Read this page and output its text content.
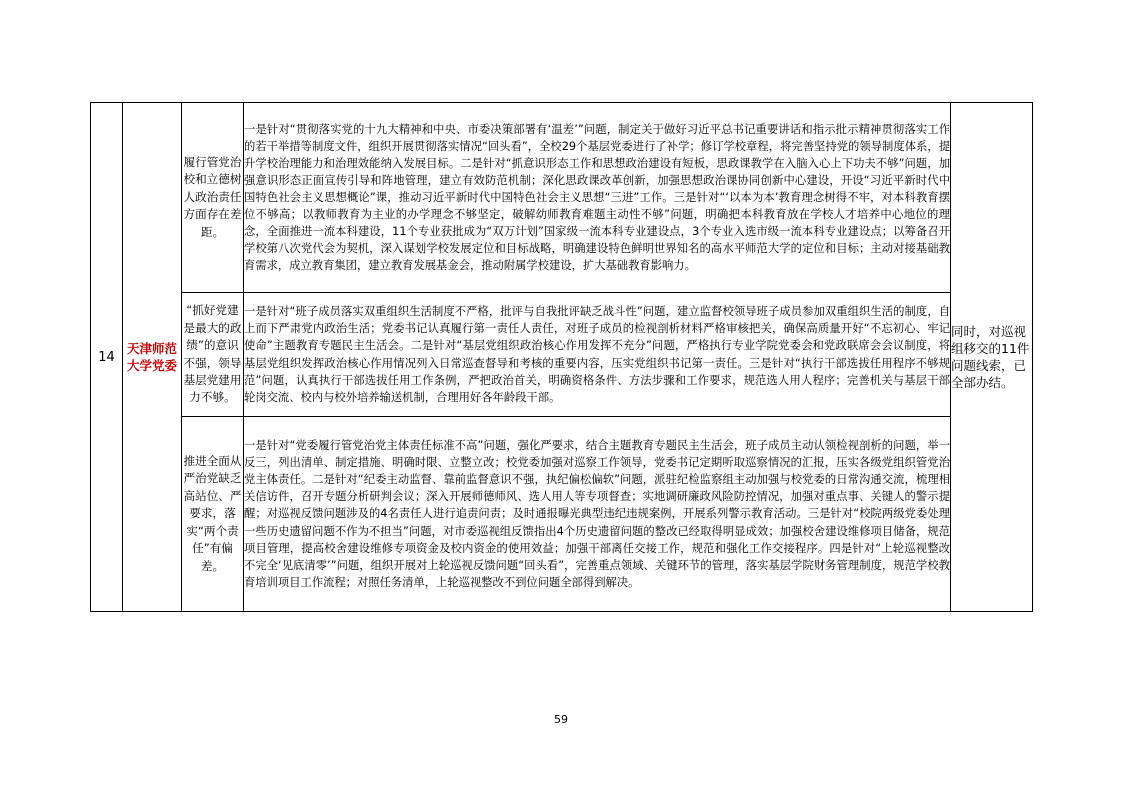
14	天津师范大学党委	履行管党治校和立德树人政治责任方面存在差距。	一是针对“贯彻落实党的十九大精神和中央、市委决策部署有‘温差’”问题，制定关于做好习近平总书记重要讲话和指示批示精神贯彻落实工作的若干举措等制度文件，组织开展贯彻落实情况“回头看”，全校29个基层党委进行了补学；修订学校章程，将完善坚持党的领导制度体系，提升学校治理能力和治理效能纳入发展目标。二是针对“抓意识形态工作和思想政治建设有短板，思政课教学在入脑入心上下功夫不够”问题，加强意识形态正面宣传引导和阵地管理，建立有效防范机制；深化思政课改革创新，加强思想政治课协同创新中心建设，开设“习近平新时代中国特色社会主义思想概论”课，推动习近平新时代中国特色社会主义思想“三进”工作。三是针对“‘以本为本’教育理念树得不牢，对本科教育摆位不够高；以教师教育为主业的办学理念不够坚定，破解幼师教育难题主动性不够”问题，明确把本科教育放在学校人才培养中心地位的理念，全面推进一流本科建设，11个专业获批成为“双万计划”国家级一流本科专业建设点，3个专业入选市级一流本科专业建设点；以筹备召开学校第八次党代会为契机，深入谋划学校发展定位和目标战略，明确建设特色鲜明世界知名的高水平师范大学的定位和目标；主动对接基础教育需求，成立教育集团，建立教育发展基金会，推动附属学校建设，扩大基础教育影响力。	同时，对巡视组移交的11件问题线索，已全部办结。
		“抓好党建是最大的政绩”的意识不强，领导基层党建用力不够。	一是针对“班子成员落实双重组织生活制度不严格，批评与自我批评缺乏战斗性”问题，建立监督校领导班子成员参加双重组织生活的制度，自上而下严肃党内政治生活；党委书记认真履行第一责任人责任，对班子成员的检视剖析材料严格审核把关，确保高质量开好“不忘初心、牢记使命”主题教育专题民主生活会。二是针对“基层党组织政治核心作用发挥不充分”问题，严格执行专业学院党委会和党政联席会会议制度，将基层党组织发挥政治核心作用情况列入日常巡查督导和考核的重要内容，压实党组织书记第一责任。三是针对“执行干部选拔任用程序不够规范”问题，认真执行干部选拔任用工作条例，严把政治首关，明确资格条件、方法步骤和工作要求，规范选人用人程序；完善机关与基层干部轮岗交流、校内与校外培养输送机制，合理用好各年龄段干部。	
		推进全面从严治党缺乏高站位、严要求，落实“两个责任”有偏差。	一是针对“党委履行管党治党主体责任标准不高”问题，强化严要求，结合主题教育专题民主生活会，班子成员主动认领检视剖析的问题，举一反三，列出清单、制定措施、明确时限、立整立改；校党委加强对巡察工作领导，党委书记定期听取巡察情况的汇报，压实各级党组织管党治党主体责任。二是针对“纪委主动监督、靠前监督意识不强，执纪偏松偏软”问题，派驻纪检监察组主动加强与校党委的日常沟通交流，梳理相关信访件，召开专题分析研判会议；深入开展师德师风、选人用人等专项督查；实地调研廉政风险防控情况，加强对重点事、关键人的警示提醒；对巡视反馈问题涉及的4名责任人进行追责问责；及时通报曝光典型违纪违规案例，开展系列警示教育活动。三是针对“校院两级党委处理一些历史遗留问题不作为不担当”问题，对市委巡视组反馈指出4个历史遗留问题的整改已经取得明显成效；加强校舍建设维修项目储备，规范项目管理，提高校舍建设维修专项资金及校内资金的使用效益；加强干部离任交接工作，规范和强化工作交接程序。四是针对“上轮巡视整改不完全‘见底清零’”问题，组织开展对上轮巡视反馈问题“回头看”，完善重点领域、关键环节的管理，落实基层学院财务管理制度，规范学校教育培训项目工作流程；对照任务清单，上轮巡视整改不到位问题全部得到解决。	
59
